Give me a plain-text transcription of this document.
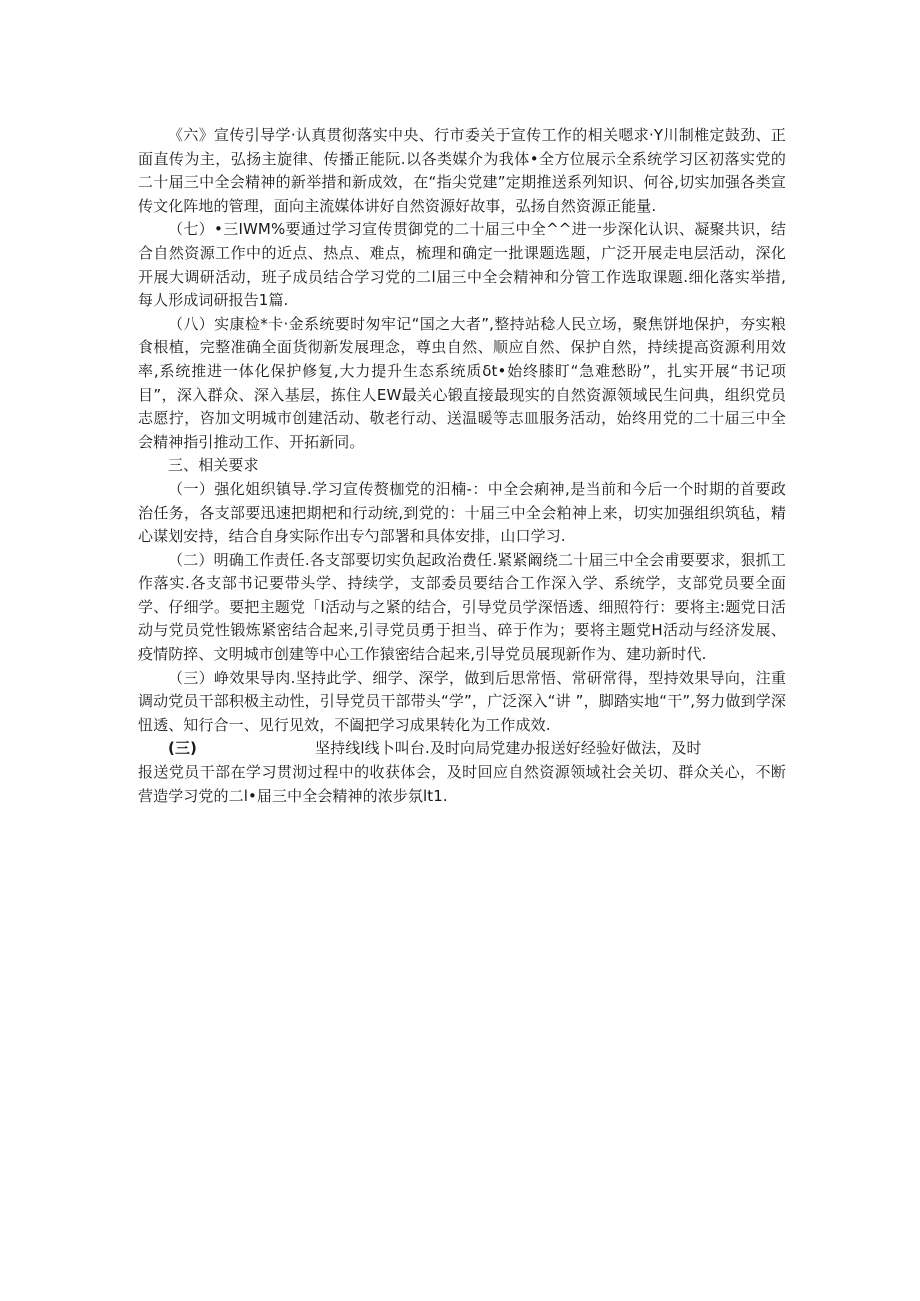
《六》宣传引导学·认真贯彻落实中央、行市委关于宣传工作的相关嗯求·Y川制椎定鼓劲、正面直传为主，弘扬主旋律、传播正能阮.以各类媒介为我体•全方位展示全系统学习区初落实党的二十届三中全会精神的新举措和新成效，在“指尖党建”定期推送系列知识、何谷,切实加强各类宣传文化阵地的管理，面向主流媒体讲好自然资源好故事，弘扬自然资源正能量.

（七）•三IWM%要通过学习宣传贯御党的二十届三中全^^进一步深化认识、凝聚共识，结合自然资源工作中的近点、热点、难点，梳理和确定一批课题选题，广泛开展走电层活动，深化开展大调研活动，班子成员结合学习党的二l届三中全会精神和分管工作选取课题.细化落实举措,每人形成词研报告1篇.

（八）实康检*卡·金系统要时匆牢记“国之大者”,整持站稔人民立场，聚焦饼地保护，夯实粮食根植，完整准确全面货彻新发展理念，尊虫自然、顺应自然、保护自然，持续提高资源利用效率,系统推进一体化保护修复,大力提升生态系统质δt•始终膝盯“急难愁盼”，扎实开展“书记项目”，深入群众、深入基层，拣住人EW最关心锻直接最现实的自然资源领域民生问典，组织党员志愿拧，咨加文明城市创建活动、敬老行动、送温暖等志皿服务活动，始终用党的二十届三中全会精神指引推动工作、开拓新同。

三、相关要求

（一）强化姐织镇导.学习宣传赘枷党的汨楠-：中全会痢神,是当前和今后一个时期的首要政治任务，各支部要迅速把期杷和行动统,到党的：十届三中全会粕神上来，切实加强组织筑毡，精心谋划安持，结合自身实际作出专勺部署和具体安排，山口学习.

（二）明确工作责任.各支部要切实负起政治费任.紧紧阚绕二十届三中全会甫要要求，狠抓工作落实.各支部书记要带头学、持续学，支部委员要结合工作深入学、系统学，支部党员要全面学、仔细学。要把主题党「I活动与之紧的结合，引导党员学深悟透、细照符行：要将主:题党日活动与党员党性锻炼紧密结合起来,引寻党员勇于担当、碎于作为；要将主题党H活动与经济发展、疫情防捽、文明城市创建等中心工作猿密结合起来,引导党员展现新作为、建功新时代.

（三）峥效果导肉.坚持此学、细学、深学，做到后思常悟、常研常得，型持效果导向，注重调动党员干部积极主动性，引导党员干部带头“学”，广泛深入“讲 ”，脚踏实地“干”,努力做到学深忸透、知行合一、见行见效，不阖把学习成果转化为工作成效.

(三)	坚持线l线卜叫台.及时向局党建办报送好经验好做法，及时

报送党员干部在学习贯沏过程中的收获体会，及时回应自然资源领域社会关切、群众关心，不断营造学习党的二l•届三中全会精神的浓步氛lt1.
